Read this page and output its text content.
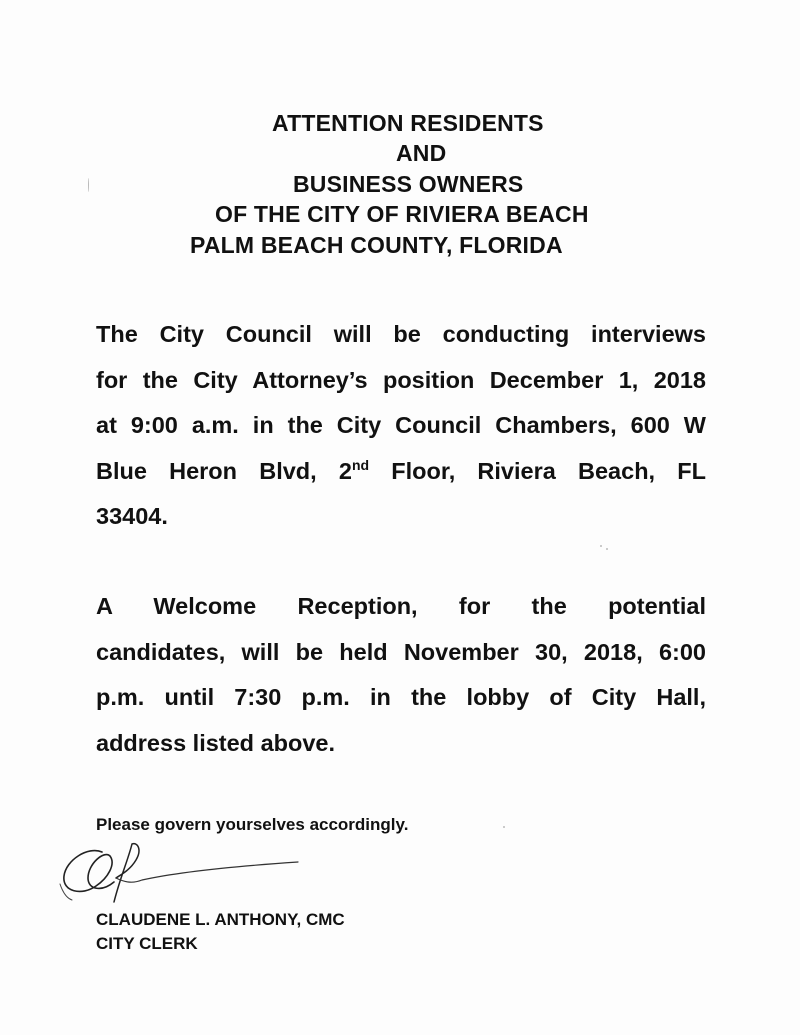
ATTENTION RESIDENTS
AND
BUSINESS OWNERS
OF THE CITY OF RIVIERA BEACH
PALM BEACH COUNTY, FLORIDA
The City Council will be conducting interviews
for the City Attorney’s position December 1, 2018
at 9:00 a.m. in the City Council Chambers, 600 W
Blue Heron Blvd, 2nd Floor, Riviera Beach, FL
33404.
A Welcome Reception, for the potential
candidates, will be held November 30, 2018, 6:00
p.m. until 7:30 p.m. in the lobby of City Hall,
address listed above.
Please govern yourselves accordingly.
CLAUDENE L. ANTHONY, CMC
CITY CLERK
